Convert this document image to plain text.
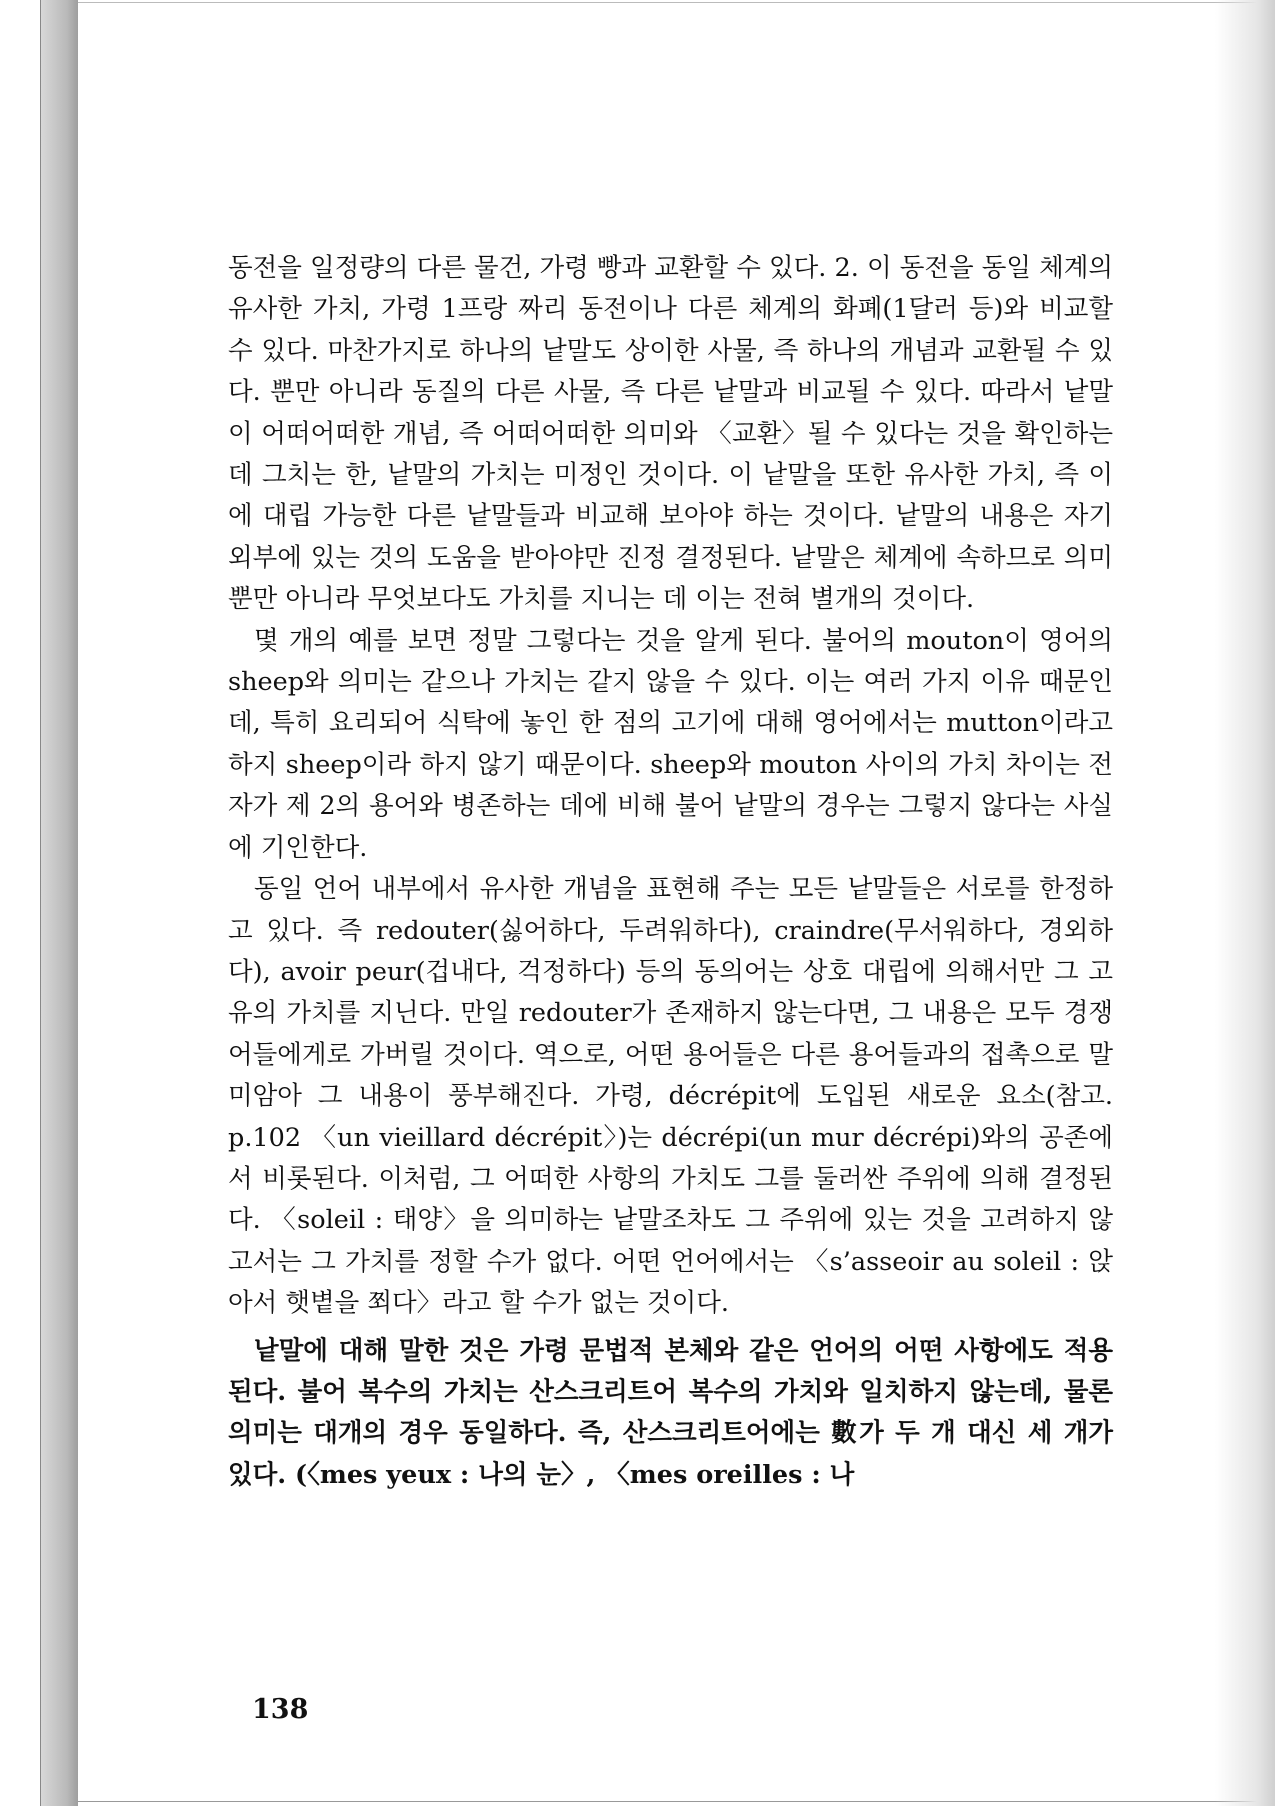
동전을 일정량의 다른 물건, 가령 빵과 교환할 수 있다. 2. 이 동전을 동일 체계의 유사한 가치, 가령 1프랑 짜리 동전이나 다른 체계의 화폐(1달러 등)와 비교할 수 있다. 마찬가지로 하나의 낱말도 상이한 사물, 즉 하나의 개념과 교환될 수 있다. 뿐만 아니라 동질의 다른 사물, 즉 다른 낱말과 비교될 수 있다. 따라서 낱말이 어떠어떠한 개념, 즉 어떠어떠한 의미와 〈교환〉될 수 있다는 것을 확인하는 데 그치는 한, 낱말의 가치는 미정인 것이다. 이 낱말을 또한 유사한 가치, 즉 이에 대립 가능한 다른 낱말들과 비교해 보아야 하는 것이다. 낱말의 내용은 자기 외부에 있는 것의 도움을 받아야만 진정 결정된다. 낱말은 체계에 속하므로 의미뿐만 아니라 무엇보다도 가치를 지니는 데 이는 전혀 별개의 것이다.

몇 개의 예를 보면 정말 그렇다는 것을 알게 된다. 불어의 mouton이 영어의 sheep와 의미는 같으나 가치는 같지 않을 수 있다. 이는 여러 가지 이유 때문인데, 특히 요리되어 식탁에 놓인 한 점의 고기에 대해 영어에서는 mutton이라고 하지 sheep이라 하지 않기 때문이다. sheep와 mouton 사이의 가치 차이는 전자가 제 2의 용어와 병존하는 데에 비해 불어 낱말의 경우는 그렇지 않다는 사실에 기인한다.

동일 언어 내부에서 유사한 개념을 표현해 주는 모든 낱말들은 서로를 한정하고 있다. 즉 redouter(싫어하다, 두려워하다), craindre(무서워하다, 경외하다), avoir peur(겁내다, 걱정하다) 등의 동의어는 상호 대립에 의해서만 그 고유의 가치를 지닌다. 만일 redouter가 존재하지 않는다면, 그 내용은 모두 경쟁어들에게로 가버릴 것이다. 역으로, 어떤 용어들은 다른 용어들과의 접촉으로 말미암아 그 내용이 풍부해진다. 가령, décrépit에 도입된 새로운 요소(참고. p.102 〈un vieillard décrépit〉)는 décrépi(un mur décrépi)와의 공존에서 비롯된다. 이처럼, 그 어떠한 사항의 가치도 그를 둘러싼 주위에 의해 결정된다. 〈soleil : 태양〉을 의미하는 낱말조차도 그 주위에 있는 것을 고려하지 않고서는 그 가치를 정할 수가 없다. 어떤 언어에서는 〈s’asseoir au soleil : 앉아서 햇볕을 쬐다〉라고 할 수가 없는 것이다.

낱말에 대해 말한 것은 가령 문법적 본체와 같은 언어의 어떤 사항에도 적용된다. 불어 복수의 가치는 산스크리트어 복수의 가치와 일치하지 않는데, 물론 의미는 대개의 경우 동일하다. 즉, 산스크리트어에는 數가 두 개 대신 세 개가 있다. (〈mes yeux : 나의 눈〉, 〈mes oreilles : 나

138
